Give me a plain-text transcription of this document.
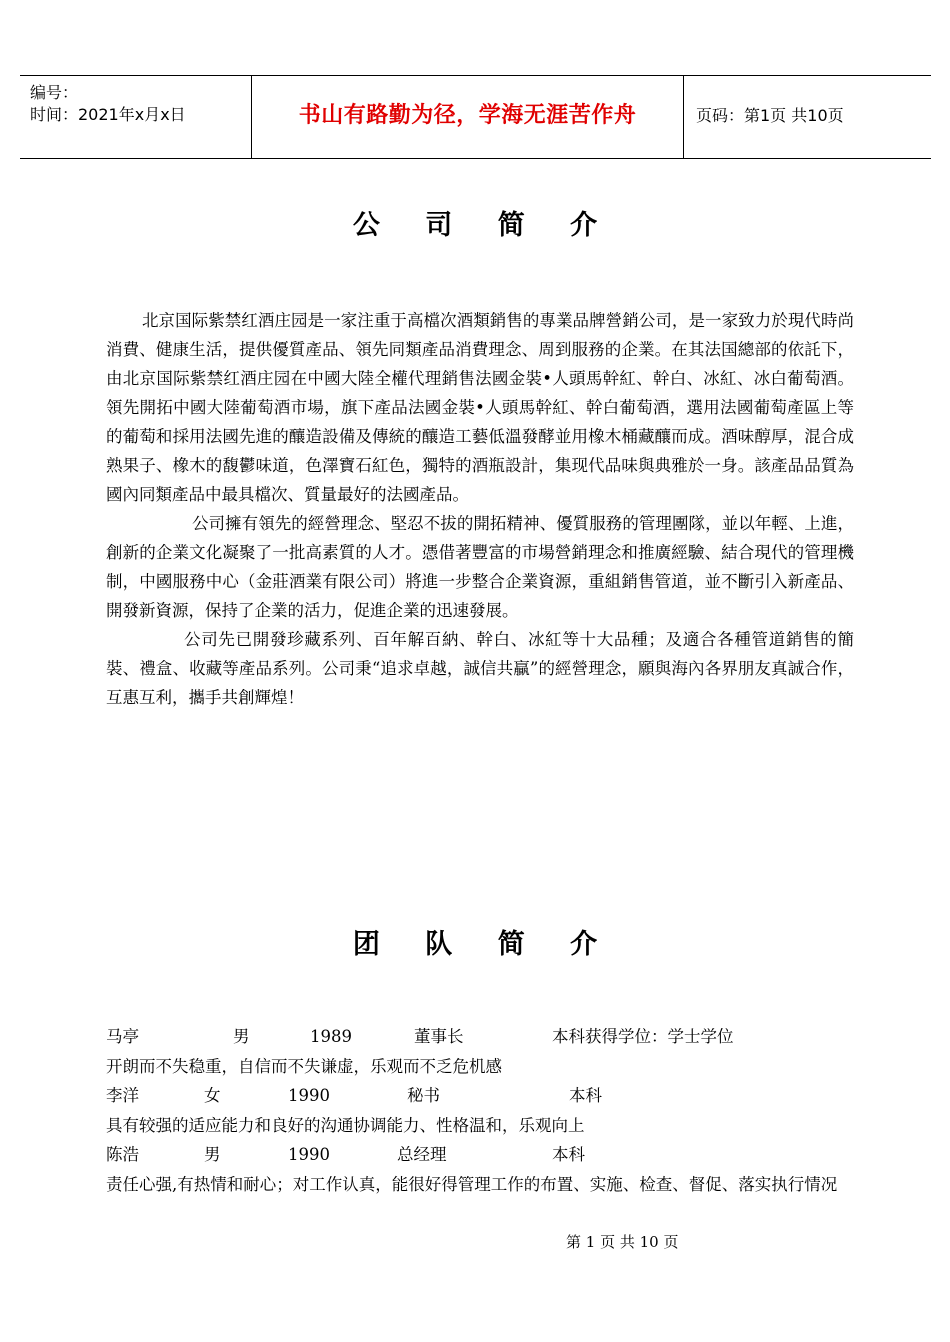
编号：
时间：2021年x月x日	书山有路勤为径，学海无涯苦作舟	页码：第1页 共10页
公 司 简 介

北京国际紫禁红酒庄园是一家注重于高檔次酒類銷售的專業品牌營銷公司，是一家致力於現代時尚消費、健康生活，提供優質產品、領先同類產品消費理念、周到服務的企業。在其法国總部的依託下，由北京国际紫禁红酒庄园在中國大陸全權代理銷售法國金裝•人頭馬幹紅、幹白、冰紅、冰白葡萄酒。領先開拓中國大陸葡萄酒市場，旗下產品法國金裝•人頭馬幹紅、幹白葡萄酒，選用法國葡萄產區上等的葡萄和採用法國先進的釀造設備及傳統的釀造工藝低溫發酵並用橡木桶藏釀而成。酒味醇厚，混合成熟果子、橡木的馥鬱味道，色澤寶石紅色，獨特的酒瓶設計，集现代品味與典雅於一身。該產品品質為國內同類產品中最具檔次、質量最好的法國產品。

公司擁有領先的經營理念、堅忍不拔的開拓精神、優質服務的管理團隊，並以年輕、上進，創新的企業文化凝聚了一批高素質的人才。憑借著豐富的市場營銷理念和推廣經驗、結合現代的管理機制，中國服務中心（金莊酒業有限公司）將進一步整合企業資源，重組銷售管道，並不斷引入新產品、開發新資源，保持了企業的活力，促進企業的迅速發展。

公司先已開發珍藏系列、百年解百納、幹白、冰紅等十大品種；及適合各種管道銷售的簡裝、禮盒、收藏等產品系列。公司秉“追求卓越，誠信共贏”的經營理念，願與海內各界朋友真誠合作，互惠互利，攜手共創輝煌！

团 队 简 介
马亭	男	1989	董事长	本科获得学位：学士学位

开朗而不失稳重，自信而不失谦虚，乐观而不乏危机感

李洋	女	1990	秘书	本科

具有较强的适应能力和良好的沟通协调能力、性格温和，乐观向上

陈浩	男	1990	总经理	本科

责任心强,有热情和耐心；对工作认真，能很好得管理工作的布置、实施、检查、督促、落实执行情况

第 1 页 共 10 页
